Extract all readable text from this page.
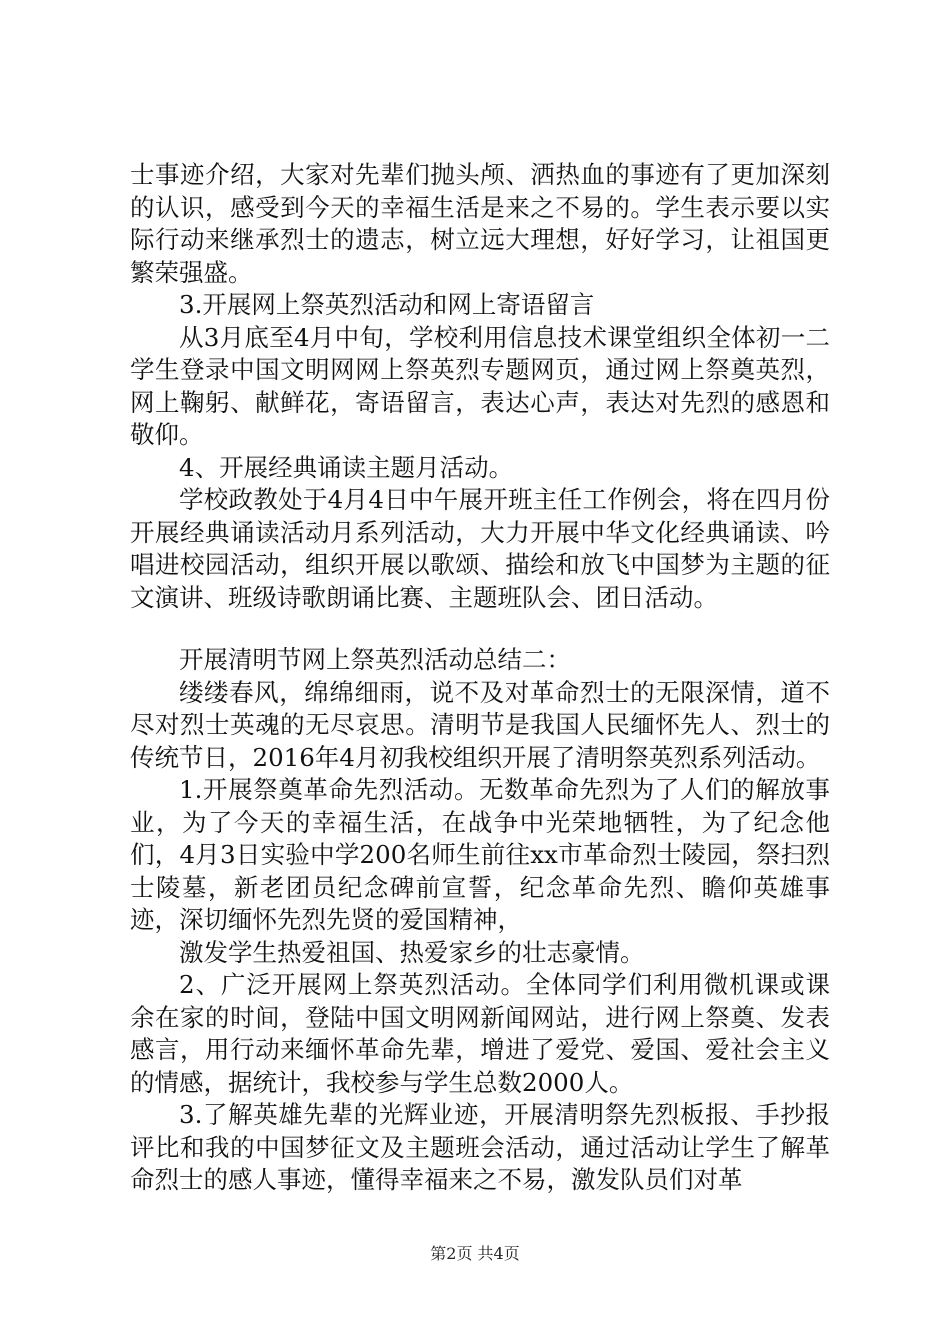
士事迹介绍，大家对先辈们抛头颅、洒热血的事迹有了更加深刻的认识，感受到今天的幸福生活是来之不易的。学生表示要以实际行动来继承烈士的遗志，树立远大理想，好好学习，让祖国更繁荣强盛。

3.开展网上祭英烈活动和网上寄语留言

从3月底至4月中旬，学校利用信息技术课堂组织全体初一二学生登录中国文明网网上祭英烈专题网页，通过网上祭奠英烈，网上鞠躬、献鲜花，寄语留言，表达心声，表达对先烈的感恩和敬仰。

4、开展经典诵读主题月活动。

学校政教处于4月4日中午展开班主任工作例会，将在四月份开展经典诵读活动月系列活动，大力开展中华文化经典诵读、吟唱进校园活动，组织开展以歌颂、描绘和放飞中国梦为主题的征文演讲、班级诗歌朗诵比赛、主题班队会、团日活动。

开展清明节网上祭英烈活动总结二：

缕缕春风，绵绵细雨，说不及对革命烈士的无限深情，道不尽对烈士英魂的无尽哀思。清明节是我国人民缅怀先人、烈士的传统节日，2016年4月初我校组织开展了清明祭英烈系列活动。

1.开展祭奠革命先烈活动。无数革命先烈为了人们的解放事业，为了今天的幸福生活，在战争中光荣地牺牲，为了纪念他们，4月3日实验中学200名师生前往xx市革命烈士陵园，祭扫烈士陵墓，新老团员纪念碑前宣誓，纪念革命先烈、瞻仰英雄事迹，深切缅怀先烈先贤的爱国精神，

激发学生热爱祖国、热爱家乡的壮志豪情。

2、广泛开展网上祭英烈活动。全体同学们利用微机课或课余在家的时间，登陆中国文明网新闻网站，进行网上祭奠、发表感言，用行动来缅怀革命先辈，增进了爱党、爱国、爱社会主义的情感，据统计，我校参与学生总数2000人。

3.了解英雄先辈的光辉业迹，开展清明祭先烈板报、手抄报评比和我的中国梦征文及主题班会活动，通过活动让学生了解革命烈士的感人事迹，懂得幸福来之不易，激发队员们对革

第2页 共4页
